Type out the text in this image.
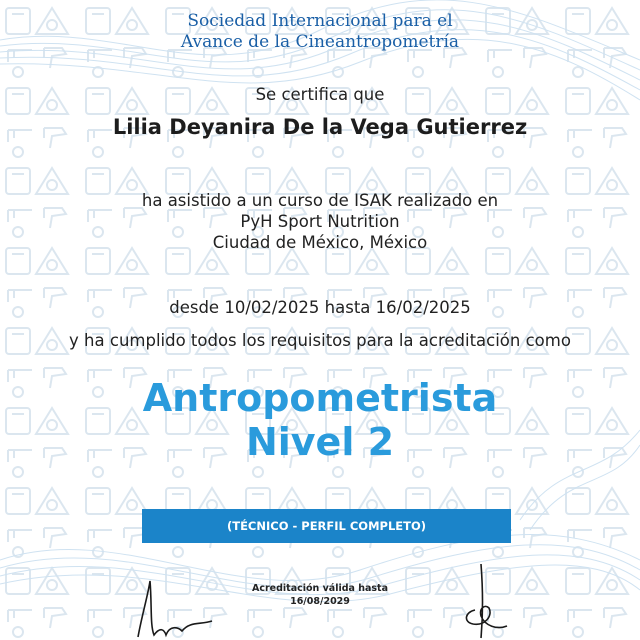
Sociedad Internacional para el
Avance de la Cineantropometría
Se certifica que
Lilia Deyanira De la Vega Gutierrez
ha asistido a un curso de ISAK realizado en
PyH Sport Nutrition
Ciudad de México, México
desde 10/02/2025 hasta 16/02/2025
y ha cumplido todos los requisitos para la acreditación como
Antropometrista
Nivel 2
(TÉCNICO - PERFIL COMPLETO)
Acreditación válida hasta
16/08/2029
